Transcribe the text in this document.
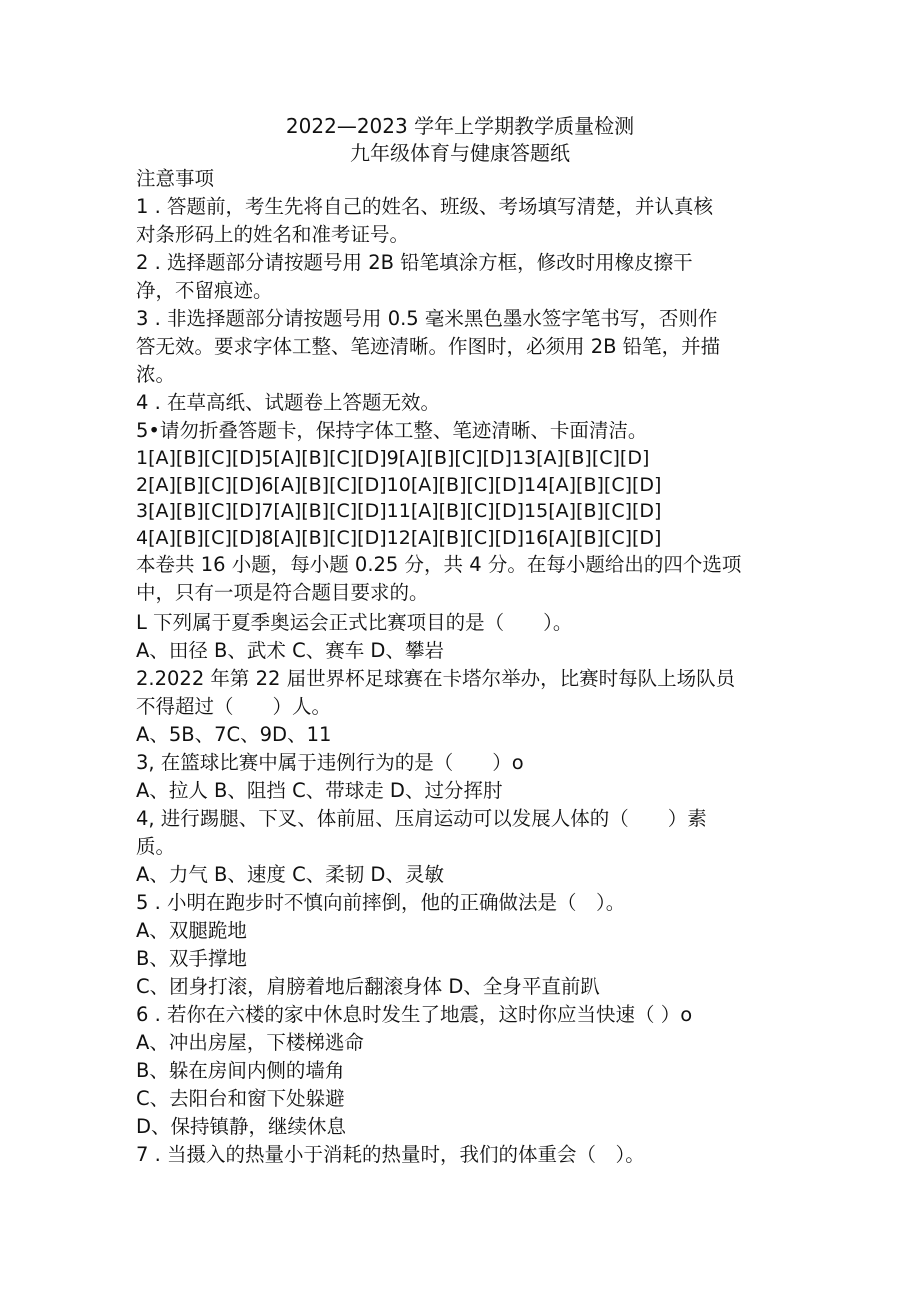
2022—2023 学年上学期教学质量检测
九年级体育与健康答题纸
注意事项
1 . 答题前，考生先将自己的姓名、班级、考场填写清楚，并认真核
对条形码上的姓名和准考证号。
2 . 选择题部分请按题号用 2B 铅笔填涂方框，修改时用橡皮擦干
净，不留痕迹。
3 . 非选择题部分请按题号用 0.5 毫米黑色墨水签字笔书写，否则作
答无效。要求字体工整、笔迹清晰。作图时，必须用 2B 铅笔，并描
浓。
4 . 在草高纸、试题卷上答题无效。
5•请勿折叠答题卡，保持字体工整、笔迹清晰、卡面清洁。
1[A][B][C][D]5[A][B][C][D]9[A][B][C][D]13[A][B][C][D]
2[A][B][C][D]6[A][B][C][D]10[A][B][C][D]14[A][B][C][D]
3[A][B][C][D]7[A][B][C][D]11[A][B][C][D]15[A][B][C][D]
4[A][B][C][D]8[A][B][C][D]12[A][B][C][D]16[A][B][C][D]
本卷共 16 小题，每小题 0.25 分，共 4 分。在每小题给出的四个选项
中，只有一项是符合题目要求的。
L 下列属于夏季奥运会正式比赛项目的是（　　）。
A、田径 B、武术 C、赛车 D、攀岩
2.2022 年第 22 届世界杯足球赛在卡塔尔举办，比赛时每队上场队员
不得超过（　　）人。
A、5B、7C、9D、11
3, 在篮球比赛中属于违例行为的是（　　）o
A、拉人 B、阻挡 C、带球走 D、过分挥肘
4, 进行踢腿、下叉、体前屈、压肩运动可以发展人体的（　　）素
质。
A、力气 B、速度 C、柔韧 D、灵敏
5 . 小明在跑步时不慎向前摔倒，他的正确做法是（　）。
A、双腿跪地
B、双手撑地
C、团身打滚，肩膀着地后翻滚身体 D、全身平直前趴
6 . 若你在六楼的家中休息时发生了地震，这时你应当快速（ ）o
A、冲出房屋，下楼梯逃命
B、躲在房间内侧的墙角
C、去阳台和窗下处躲避
D、保持镇静，继续休息
7 . 当摄入的热量小于消耗的热量时，我们的体重会（　）。
